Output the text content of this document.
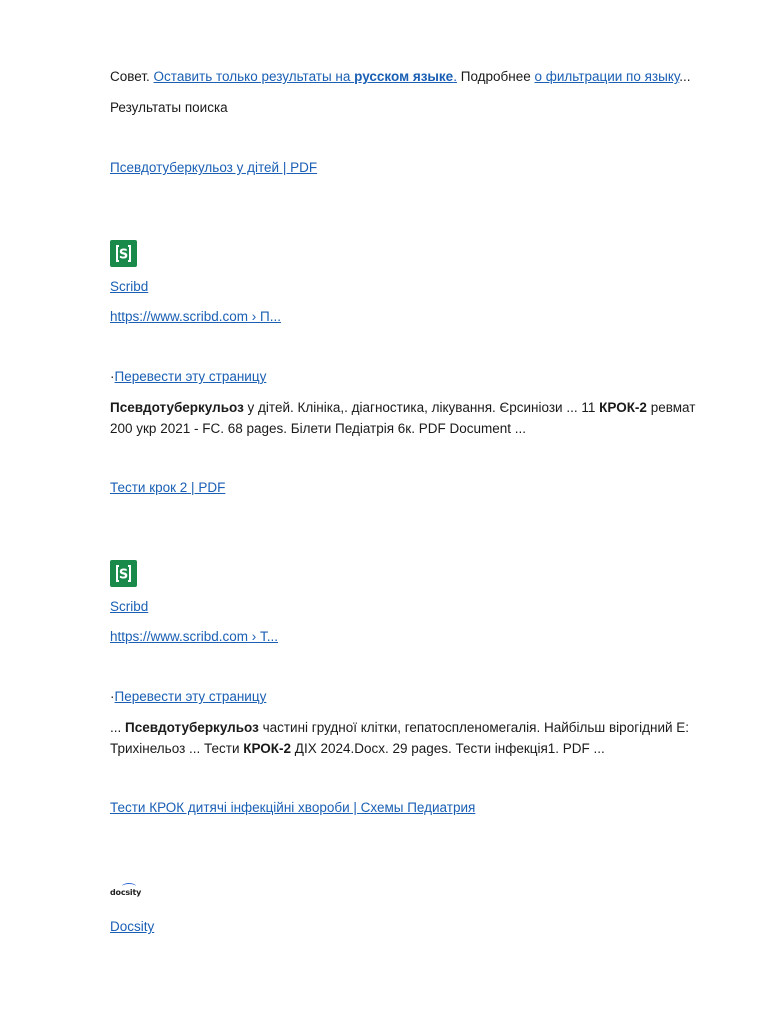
Совет. Оставить только результаты на русском языке. Подробнее о фильтрации по языку...
Результаты поиска
Псевдотуберкульоз у дітей | PDF
S
Scribd
https://www.scribd.com › П...
·Перевести эту страницу
Псевдотуберкульоз у дітей. Клініка,. діагностика, лікування. Єрсиніози ... 11 КРОК-2 ревмат 200 укр 2021 - FC. 68 pages. Білети Педіатрія 6к. PDF Document ...
Тести крок 2 | PDF
S
Scribd
https://www.scribd.com › Т...
·Перевести эту страницу
... Псевдотуберкульоз частині грудної клітки, гепатоспленомегалія. Найбільш вірогідний Е: Трихінельоз ... Тести КРОК-2 ДІХ 2024.Docx. 29 pages. Тести інфекція1. PDF ...
Тести КРОК дитячі інфекційні хвороби | Схемы Педиатрия
docsity
Docsity
